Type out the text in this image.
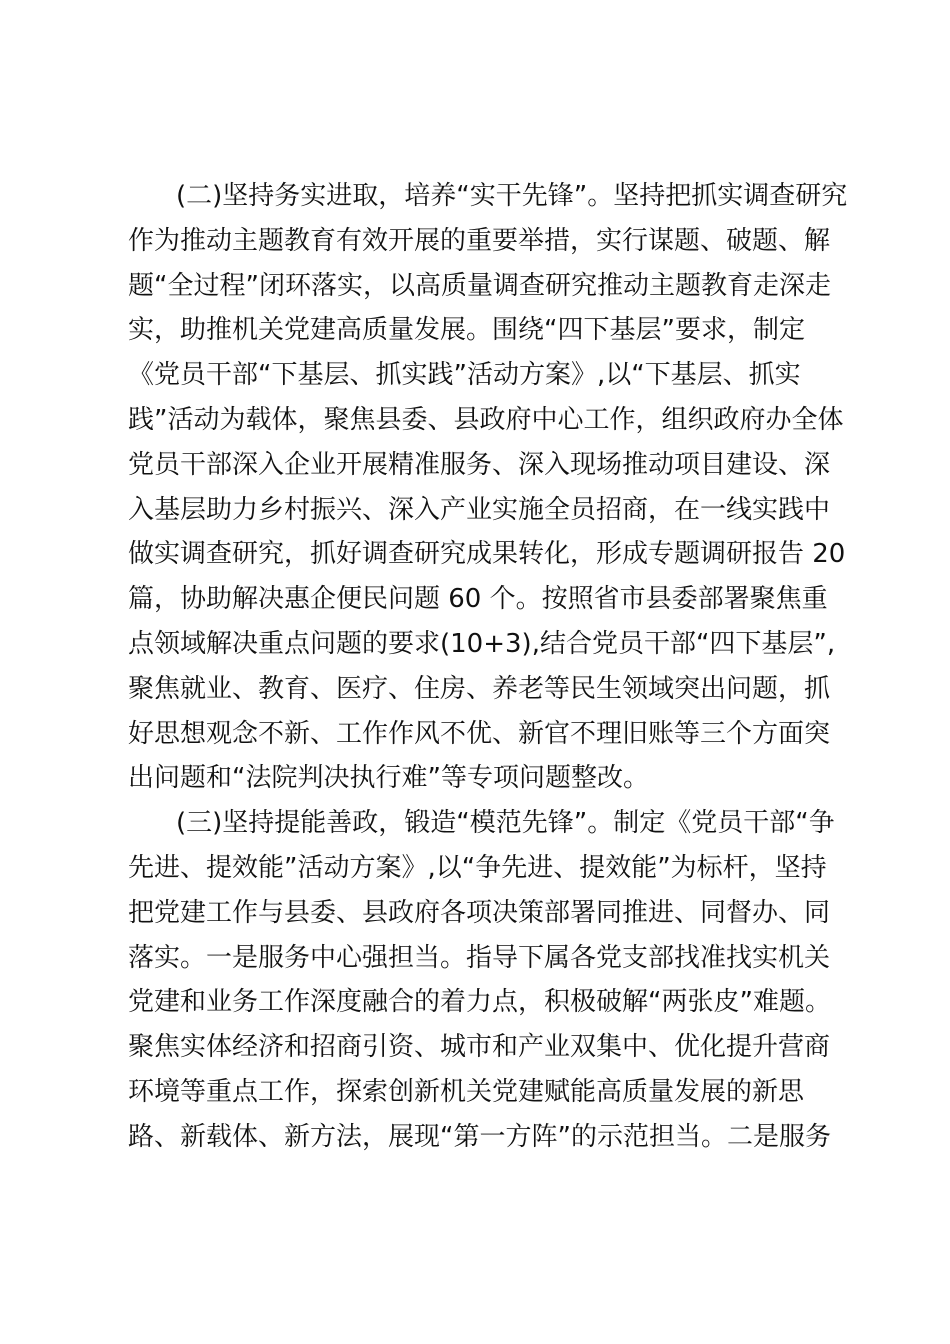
(二)坚持务实进取，培养“实干先锋”。坚持把抓实调查研究
作为推动主题教育有效开展的重要举措，实行谋题、破题、解
题“全过程”闭环落实，以高质量调查研究推动主题教育走深走
实，助推机关党建高质量发展。围绕“四下基层”要求，制定
《党员干部“下基层、抓实践”活动方案》,以“下基层、抓实
践”活动为载体，聚焦县委、县政府中心工作，组织政府办全体
党员干部深入企业开展精准服务、深入现场推动项目建设、深
入基层助力乡村振兴、深入产业实施全员招商，在一线实践中
做实调查研究，抓好调查研究成果转化，形成专题调研报告 20
篇，协助解决惠企便民问题 60 个。按照省市县委部署聚焦重
点领域解决重点问题的要求(10+3),结合党员干部“四下基层”,
聚焦就业、教育、医疗、住房、养老等民生领域突出问题，抓
好思想观念不新、工作作风不优、新官不理旧账等三个方面突
出问题和“法院判决执行难”等专项问题整改。
(三)坚持提能善政，锻造“模范先锋”。制定《党员干部“争
先进、提效能”活动方案》,以“争先进、提效能”为标杆，坚持
把党建工作与县委、县政府各项决策部署同推进、同督办、同
落实。一是服务中心强担当。指导下属各党支部找准找实机关
党建和业务工作深度融合的着力点，积极破解“两张皮”难题。
聚焦实体经济和招商引资、城市和产业双集中、优化提升营商
环境等重点工作，探索创新机关党建赋能高质量发展的新思
路、新载体、新方法，展现“第一方阵”的示范担当。二是服务
